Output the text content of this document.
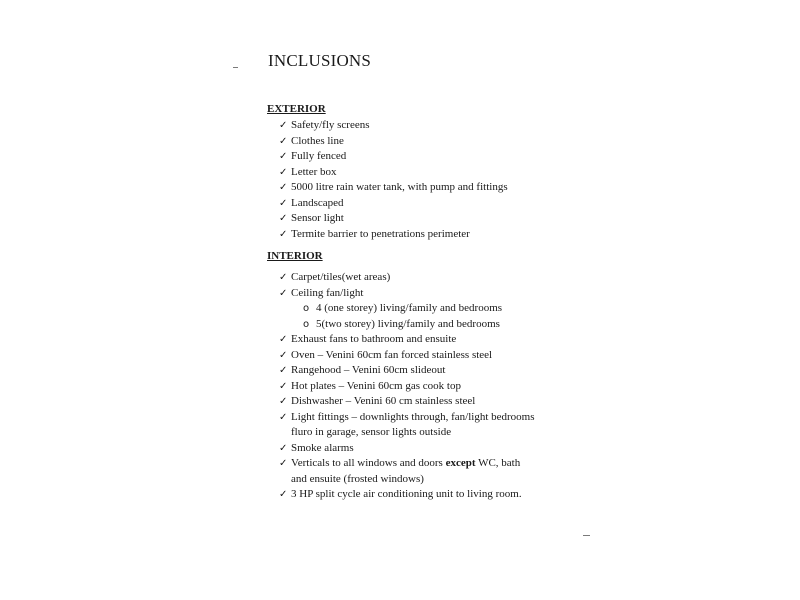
INCLUSIONS
EXTERIOR
✓ Safety/fly screens
✓ Clothes line
✓ Fully fenced
✓ Letter box
✓ 5000 litre rain water tank, with pump and fittings
✓ Landscaped
✓ Sensor light
✓ Termite barrier to penetrations perimeter
INTERIOR
✓ Carpet/tiles(wet areas)
✓ Ceiling fan/light
o 4 (one storey) living/family and bedrooms
o 5(two storey) living/family and bedrooms
✓ Exhaust fans to bathroom and ensuite
✓ Oven – Venini 60cm fan forced stainless steel
✓ Rangehood – Venini 60cm slideout
✓ Hot plates – Venini 60cm gas cook top
✓ Dishwasher – Venini 60 cm stainless steel
✓ Light fittings – downlights through, fan/light bedrooms
fluro in garage, sensor lights outside
✓ Smoke alarms
✓ Verticals to all windows and doors except WC, bath
and ensuite (frosted windows)
✓ 3 HP split cycle air conditioning unit to living room.
